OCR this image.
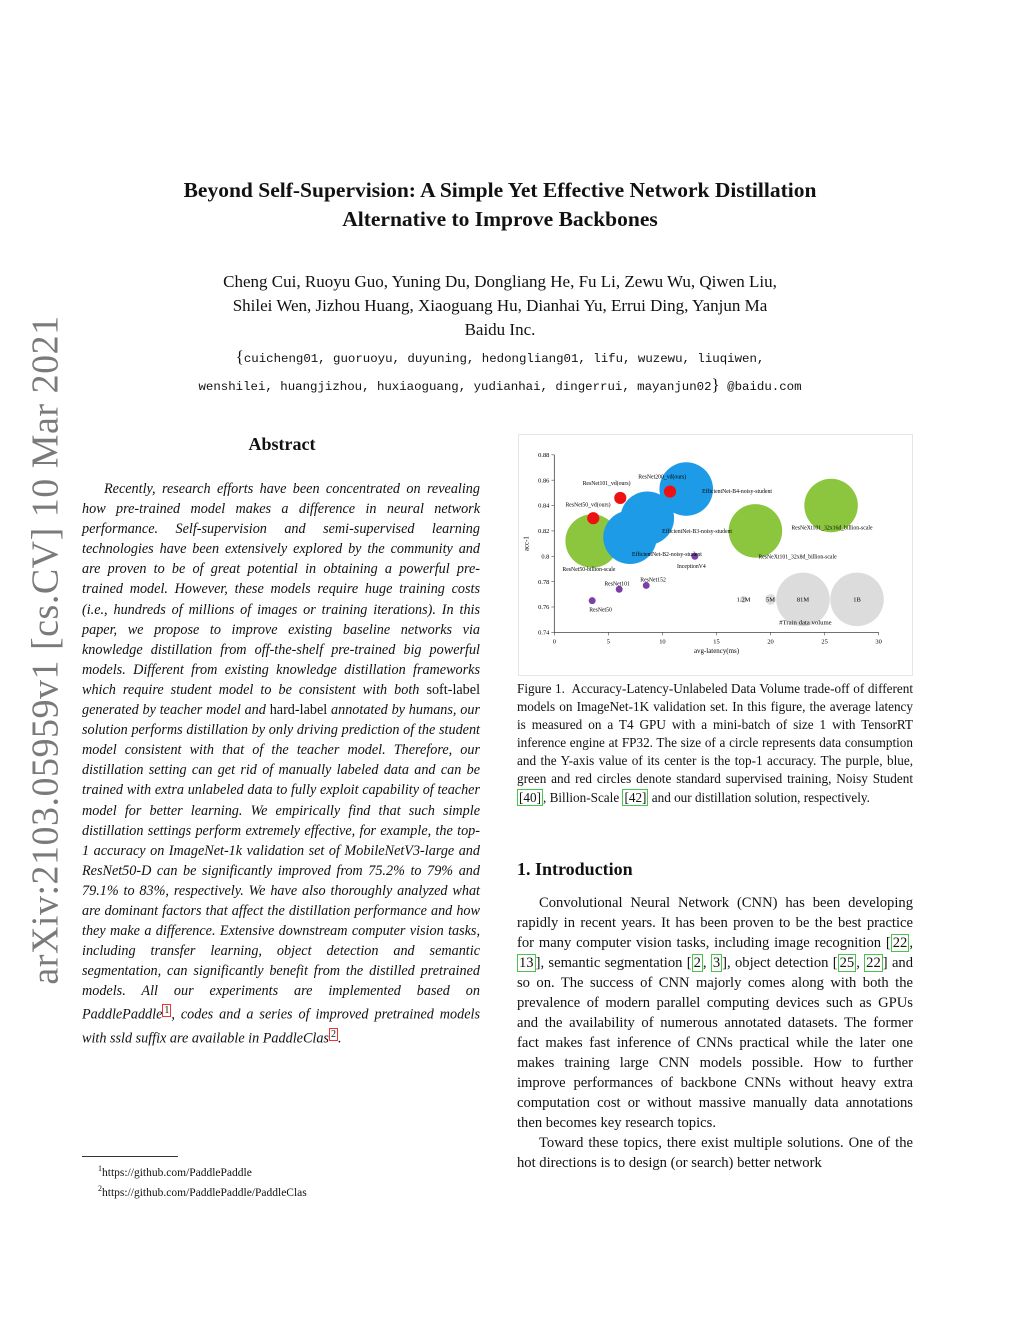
arXiv:2103.05959v1 [cs.CV] 10 Mar 2021
Beyond Self-Supervision: A Simple Yet Effective Network Distillation
Alternative to Improve Backbones
Cheng Cui, Ruoyu Guo, Yuning Du, Dongliang He, Fu Li, Zewu Wu, Qiwen Liu,
Shilei Wen, Jizhou Huang, Xiaoguang Hu, Dianhai Yu, Errui Ding, Yanjun Ma
Baidu Inc.
{cuicheng01, guoruoyu, duyuning, hedongliang01, lifu, wuzewu, liuqiwen,
wenshilei, huangjizhou, huxiaoguang, yudianhai, dingerrui, mayanjun02} @baidu.com
Abstract
Recently, research efforts have been concentrated on revealing how pre-trained model makes a difference in neural network performance. Self-supervision and semi-supervised learning technologies have been extensively explored by the community and are proven to be of great potential in obtaining a powerful pre-trained model. However, these models require huge training costs (i.e., hundreds of millions of images or training iterations). In this paper, we propose to improve existing baseline networks via knowledge distillation from off-the-shelf pre-trained big powerful models. Different from existing knowledge distillation frameworks which require student model to be consistent with both soft-label generated by teacher model and hard-label annotated by humans, our solution performs distillation by only driving prediction of the student model consistent with that of the teacher model. Therefore, our distillation setting can get rid of manually labeled data and can be trained with extra unlabeled data to fully exploit capability of teacher model for better learning. We empirically find that such simple distillation settings perform extremely effective, for example, the top-1 accuracy on ImageNet-1k validation set of MobileNetV3-large and ResNet50-D can be significantly improved from 75.2% to 79% and 79.1% to 83%, respectively. We have also thoroughly analyzed what are dominant factors that affect the distillation performance and how they make a difference. Extensive downstream computer vision tasks, including transfer learning, object detection and semantic segmentation, can significantly benefit from the distilled pretrained models. All our experiments are implemented based on PaddlePaddle $^1$ , codes and a series of improved pretrained models with ssld suffix are available in PaddleClas $^2$ .
$^1$https://github.com/PaddlePaddle
$^2$https://github.com/PaddlePaddle/PaddleClas
0	5	10	15	20	25	30
0.74
0.76
0.78
0.8
0.82
0.84
0.86
0.88
avg-latency(ms)
acc-1
1.2M 5M	81M	1B
#Train data volume
ResNet50
ResNet101
ResNet152
InceptionV4
ResNet50-billion-scale
ResNeXt101_32x8d_billion-scale
ResNeXt101_32x16d_billion-scale
EfficientNet-B2-noisy-student
EfficientNet-B3-noisy-student
EfficientNet-B4-noisy-student
ResNet50_vd(ours)
ResNet101_vd(ours)
ResNet200_vd(ours)
Figure 1. Accuracy-Latency-Unlabeled Data Volume trade-off of different models on ImageNet-1K validation set. In this figure, the average latency is measured on a T4 GPU with a mini-batch of size 1 with TensorRT inference engine at FP32. The size of a circle represents data consumption and the Y-axis value of its center is the top-1 accuracy. The purple, blue, green and red circles denote standard supervised training, Noisy Student [40] , Billion-Scale [42] and our distillation solution, respectively.
1. Introduction

Convolutional Neural Network (CNN) has been developing rapidly in recent years. It has been proven to be the best practice for many computer vision tasks, including image recognition [ 22 , 13 ], semantic segmentation [ 2 , 3 ], object detection [ 25 , 22 ] and so on. The success of CNN majorly comes along with both the prevalence of modern parallel computing devices such as GPUs and the availability of numerous annotated datasets. The former fact makes fast inference of CNNs practical while the later one makes training large CNN models possible. How to further improve performances of backbone CNNs without heavy extra computation cost or without massive manually data annotations then becomes key research topics.

Toward these topics, there exist multiple solutions. One of the hot directions is to design (or search) better network
